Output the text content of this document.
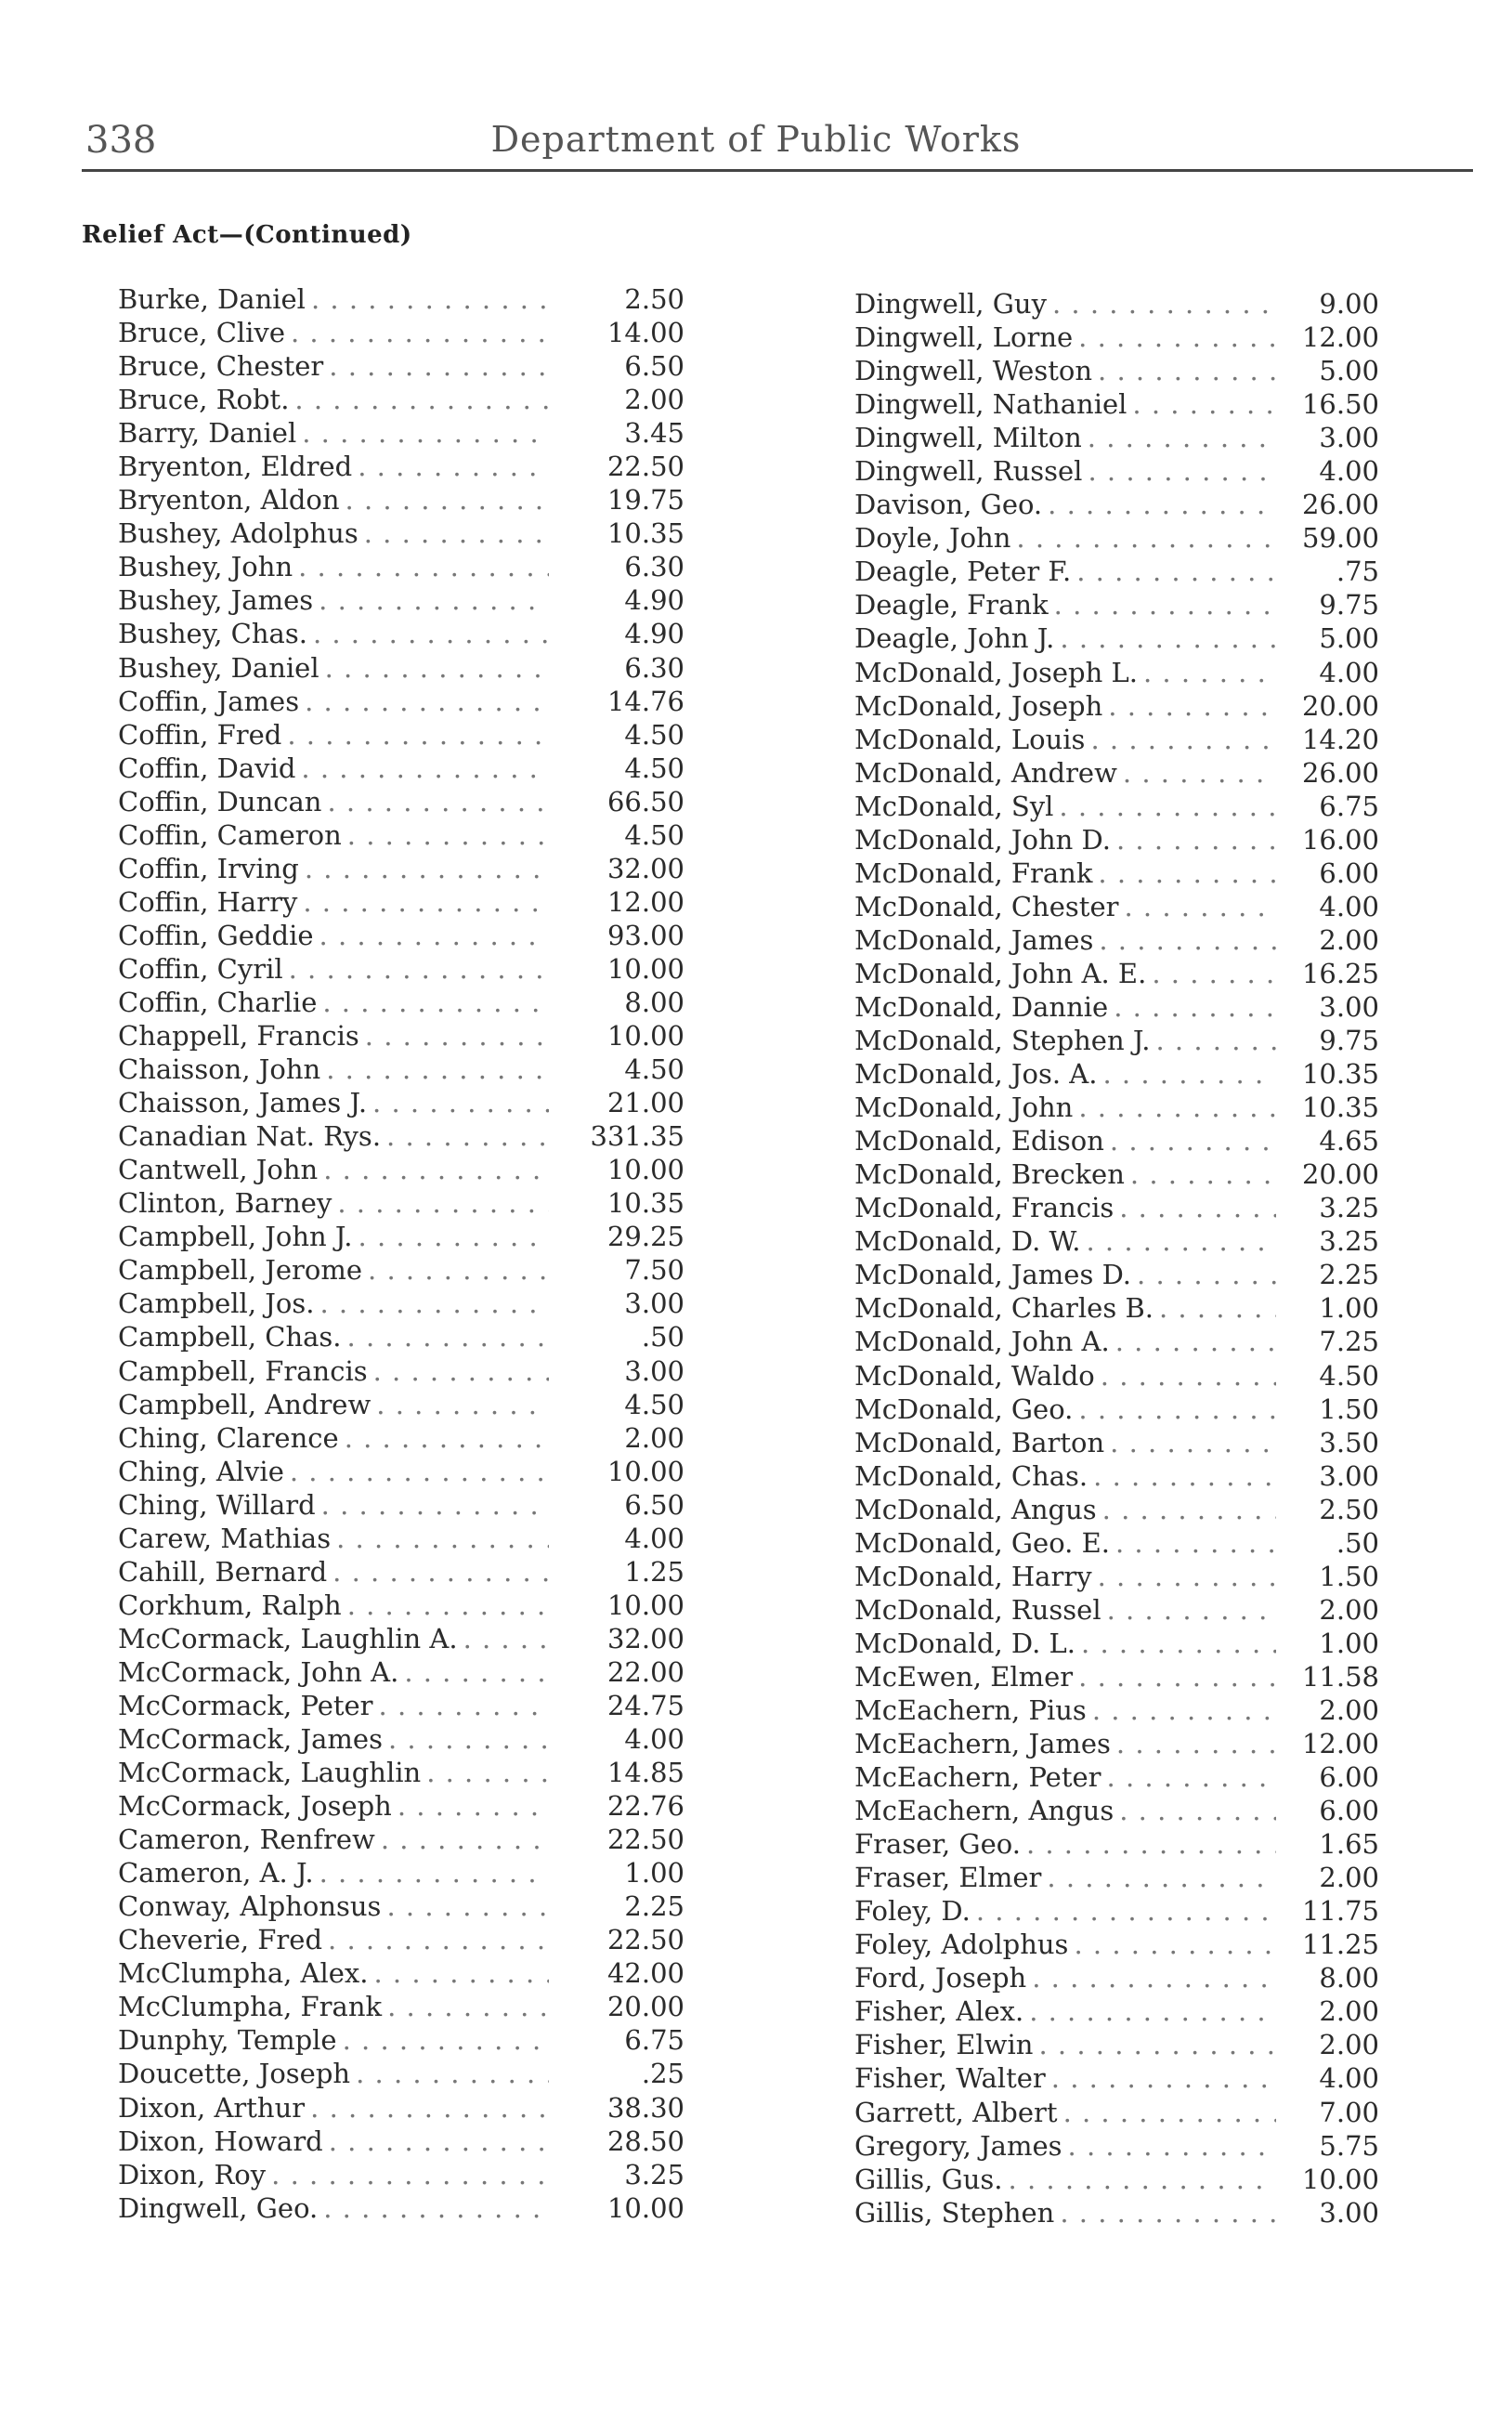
338	Department of Public Works
Relief Act—(Continued)
Burke, Daniel . . .	2.50
Bruce, Clive . . .	14.00
Bruce, Chester . . .	6.50
Bruce, Robt. . . .	2.00
Barry, Daniel . . .	3.45
Bryenton, Eldred . . .	22.50
Bryenton, Aldon . . .	19.75
Bushey, Adolphus . . .	10.35
Bushey, John . . .	6.30
Bushey, James . . .	4.90
Bushey, Chas. . . .	4.90
Bushey, Daniel . . .	6.30
Coffin, James . . .	14.76
Coffin, Fred . . .	4.50
Coffin, David . . .	4.50
Coffin, Duncan . . .	66.50
Coffin, Cameron . . .	4.50
Coffin, Irving . . .	32.00
Coffin, Harry . . .	12.00
Coffin, Geddie . . .	93.00
Coffin, Cyril . . .	10.00
Coffin, Charlie . . .	8.00
Chappell, Francis . . .	10.00
Chaisson, John . . .	4.50
Chaisson, James J. . . .	21.00
Canadian Nat. Rys. . . .	331.35
Cantwell, John . . .	10.00
Clinton, Barney . . .	10.35
Campbell, John J. . . .	29.25
Campbell, Jerome . . .	7.50
Campbell, Jos. . . .	3.00
Campbell, Chas. . . .	.50
Campbell, Francis . . .	3.00
Campbell, Andrew . . .	4.50
Ching, Clarence . . .	2.00
Ching, Alvie . . .	10.00
Ching, Willard . . .	6.50
Carew, Mathias . . .	4.00
Cahill, Bernard . . .	1.25
Corkhum, Ralph . . .	10.00
McCormack, Laughlin A. . . .	32.00
McCormack, John A. . . .	22.00
McCormack, Peter . . .	24.75
McCormack, James . . .	4.00
McCormack, Laughlin . . .	14.85
McCormack, Joseph . . .	22.76
Cameron, Renfrew . . .	22.50
Cameron, A. J. . . .	1.00
Conway, Alphonsus . . .	2.25
Cheverie, Fred . . .	22.50
McClumpha, Alex. . . .	42.00
McClumpha, Frank . . .	20.00
Dunphy, Temple . . .	6.75
Doucette, Joseph . . .	.25
Dixon, Arthur . . .	38.30
Dixon, Howard . . .	28.50
Dixon, Roy . . .	3.25
Dingwell, Geo. . . .	10.00
Dingwell, Guy . . .	9.00
Dingwell, Lorne . . .	12.00
Dingwell, Weston . . .	5.00
Dingwell, Nathaniel . . .	16.50
Dingwell, Milton . . .	3.00
Dingwell, Russel . . .	4.00
Davison, Geo. . . .	26.00
Doyle, John . . .	59.00
Deagle, Peter F. . . .	.75
Deagle, Frank . . .	9.75
Deagle, John J. . . .	5.00
McDonald, Joseph L. . . .	4.00
McDonald, Joseph . . .	20.00
McDonald, Louis . . .	14.20
McDonald, Andrew . . .	26.00
McDonald, Syl . . .	6.75
McDonald, John D. . . .	16.00
McDonald, Frank . . .	6.00
McDonald, Chester . . .	4.00
McDonald, James . . .	2.00
McDonald, John A. E. . . .	16.25
McDonald, Dannie . . .	3.00
McDonald, Stephen J. . . .	9.75
McDonald, Jos. A. . . .	10.35
McDonald, John . . .	10.35
McDonald, Edison . . .	4.65
McDonald, Brecken . . .	20.00
McDonald, Francis . . .	3.25
McDonald, D. W. . . .	3.25
McDonald, James D. . . .	2.25
McDonald, Charles B. . . .	1.00
McDonald, John A. . . .	7.25
McDonald, Waldo . . .	4.50
McDonald, Geo. . . .	1.50
McDonald, Barton . . .	3.50
McDonald, Chas. . . .	3.00
McDonald, Angus . . .	2.50
McDonald, Geo. E. . . .	.50
McDonald, Harry . . .	1.50
McDonald, Russel . . .	2.00
McDonald, D. L. . . .	1.00
McEwen, Elmer . . .	11.58
McEachern, Pius . . .	2.00
McEachern, James . . .	12.00
McEachern, Peter . . .	6.00
McEachern, Angus . . .	6.00
Fraser, Geo. . . .	1.65
Fraser, Elmer . . .	2.00
Foley, D. . . .	11.75
Foley, Adolphus . . .	11.25
Ford, Joseph . . .	8.00
Fisher, Alex. . . .	2.00
Fisher, Elwin . . .	2.00
Fisher, Walter . . .	4.00
Garrett, Albert . . .	7.00
Gregory, James . . .	5.75
Gillis, Gus. . . .	10.00
Gillis, Stephen . . .	3.00
